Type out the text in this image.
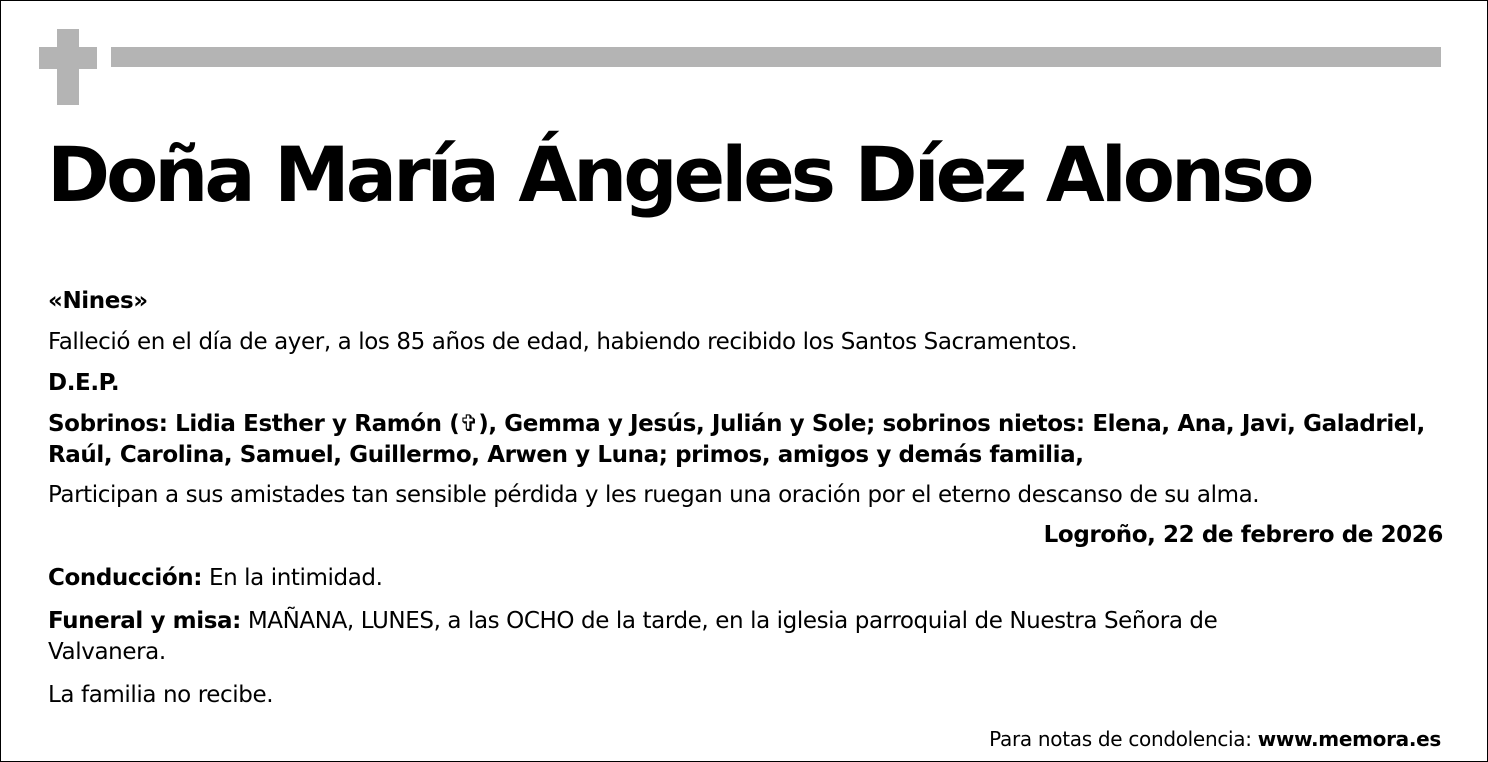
Doña María Ángeles Díez Alonso

«Nines»

Falleció en el día de ayer, a los 85 años de edad, habiendo recibido los Santos Sacramentos.

D.E.P.

Sobrinos: Lidia Esther y Ramón (✞), Gemma y Jesús, Julián y Sole; sobrinos nietos: Elena, Ana, Javi, Galadriel, Raúl, Carolina, Samuel, Guillermo, Arwen y Luna; primos, amigos y demás familia,

Participan a sus amistades tan sensible pérdida y les ruegan una oración por el eterno descanso de su alma.

Logroño, 22 de febrero de 2026

Conducción: En la intimidad.

Funeral y misa: MAÑANA, LUNES, a las OCHO de la tarde, en la iglesia parroquial de Nuestra Señora de Valvanera.

La familia no recibe.

Para notas de condolencia: www.memora.es
